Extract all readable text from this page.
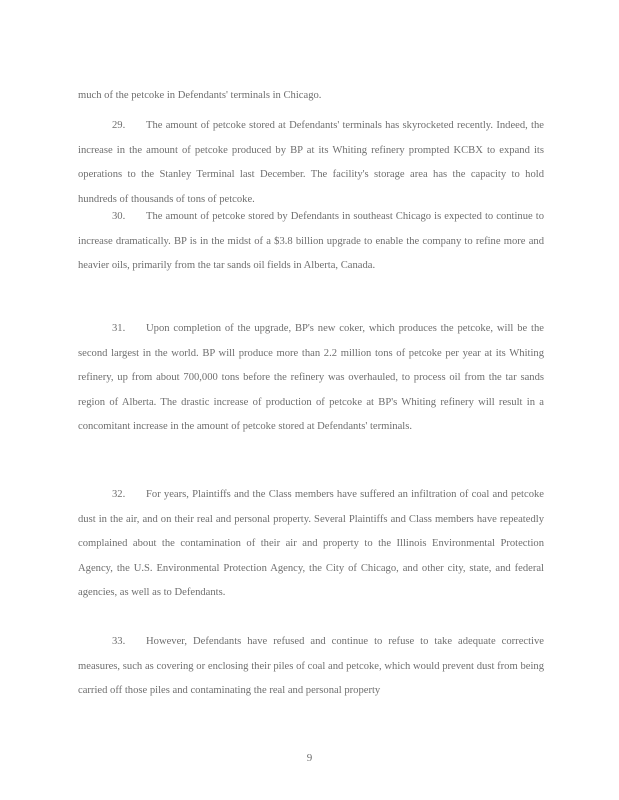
much of the petcoke in Defendants' terminals in Chicago.

29. The amount of petcoke stored at Defendants' terminals has skyrocketed recently. Indeed, the increase in the amount of petcoke produced by BP at its Whiting refinery prompted KCBX to expand its operations to the Stanley Terminal last December. The facility's storage area has the capacity to hold hundreds of thousands of tons of petcoke.

30. The amount of petcoke stored by Defendants in southeast Chicago is expected to continue to increase dramatically. BP is in the midst of a $3.8 billion upgrade to enable the company to refine more and heavier oils, primarily from the tar sands oil fields in Alberta, Canada.

31. Upon completion of the upgrade, BP's new coker, which produces the petcoke, will be the second largest in the world. BP will produce more than 2.2 million tons of petcoke per year at its Whiting refinery, up from about 700,000 tons before the refinery was overhauled, to process oil from the tar sands region of Alberta. The drastic increase of production of petcoke at BP's Whiting refinery will result in a concomitant increase in the amount of petcoke stored at Defendants' terminals.

32. For years, Plaintiffs and the Class members have suffered an infiltration of coal and petcoke dust in the air, and on their real and personal property. Several Plaintiffs and Class members have repeatedly complained about the contamination of their air and property to the Illinois Environmental Protection Agency, the U.S. Environmental Protection Agency, the City of Chicago, and other city, state, and federal agencies, as well as to Defendants.

33. However, Defendants have refused and continue to refuse to take adequate corrective measures, such as covering or enclosing their piles of coal and petcoke, which would prevent dust from being carried off those piles and contaminating the real and personal property

9
